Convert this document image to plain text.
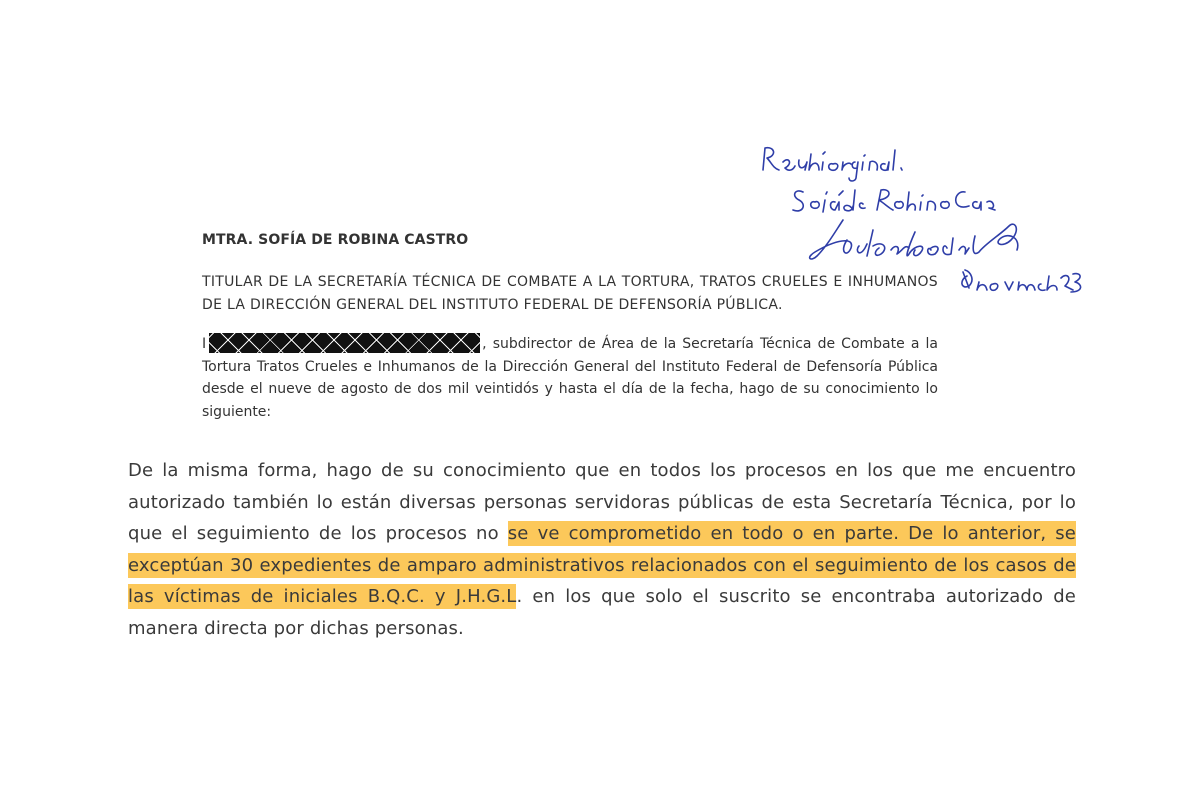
MTRA. SOFÍA DE ROBINA CASTRO
TITULAR DE LA SECRETARÍA TÉCNICA DE COMBATE A LA TORTURA, TRATOS CRUELES E INHUMANOS DE LA DIRECCIÓN GENERAL DEL INSTITUTO FEDERAL DE DEFENSORÍA PÚBLICA.

I	, subdirector de Área de la Secretaría Técnica de Combate a la Tortura Tratos Crueles e Inhumanos de la Dirección General del Instituto Federal de Defensoría Pública desde el nueve de agosto de dos mil veintidós y hasta el día de la fecha, hago de su conocimiento lo siguiente:

De la misma forma, hago de su conocimiento que en todos los procesos en los que me encuentro autorizado también lo están diversas personas servidoras públicas de esta Secretaría Técnica, por lo que el seguimiento de los procesos no se ve comprometido en todo o en parte. De lo anterior, se exceptúan 30 expedientes de amparo administrativos relacionados con el seguimiento de los casos de las víctimas de iniciales B.Q.C. y J.H.G.L. en los que solo el suscrito se encontraba autorizado de manera directa por dichas personas.
